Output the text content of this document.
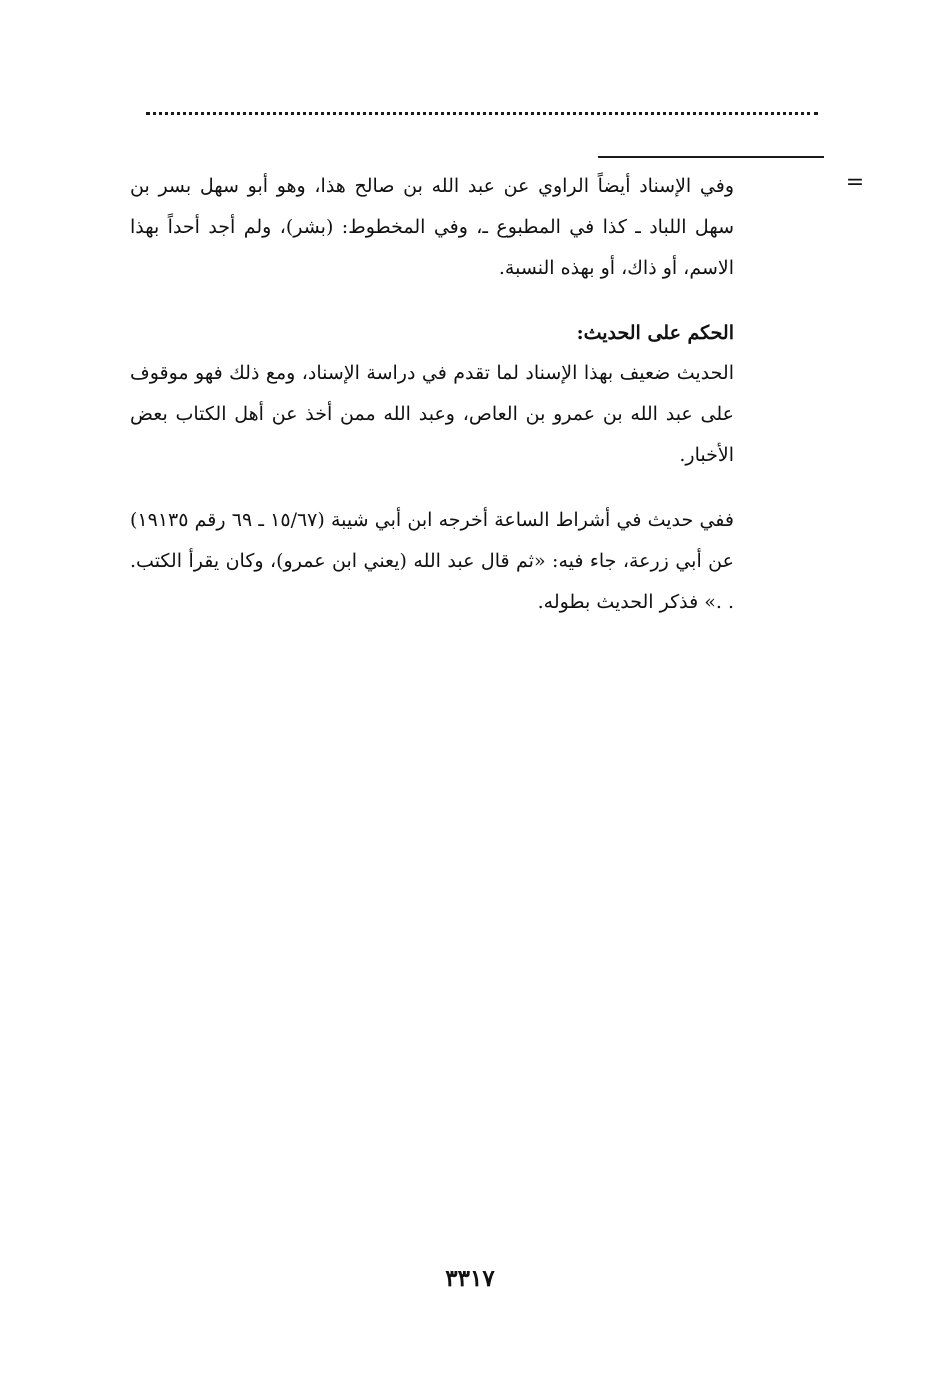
=

وفي الإسناد أيضاً الراوي عن عبد الله بن صالح هذا، وهو أبو سهل بسر بن سهل اللباد ـ كذا في المطبوع ـ، وفي المخطوط: (بشر)، ولم أجد أحداً بهذا الاسم، أو ذاك، أو بهذه النسبة.

الحكم على الحديث:

الحديث ضعيف بهذا الإسناد لما تقدم في دراسة الإسناد، ومع ذلك فهو موقوف على عبد الله بن عمرو بن العاص، وعبد الله ممن أخذ عن أهل الكتاب بعض الأخبار.

ففي حديث في أشراط الساعة أخرجه ابن أبي شيبة (١٥/٦٧ ـ ٦٩ رقم ١٩١٣٥) عن أبي زرعة، جاء فيه: «ثم قال عبد الله (يعني ابن عمرو)، وكان يقرأ الكتب. . .» فذكر الحديث بطوله.

٣٣١٧
